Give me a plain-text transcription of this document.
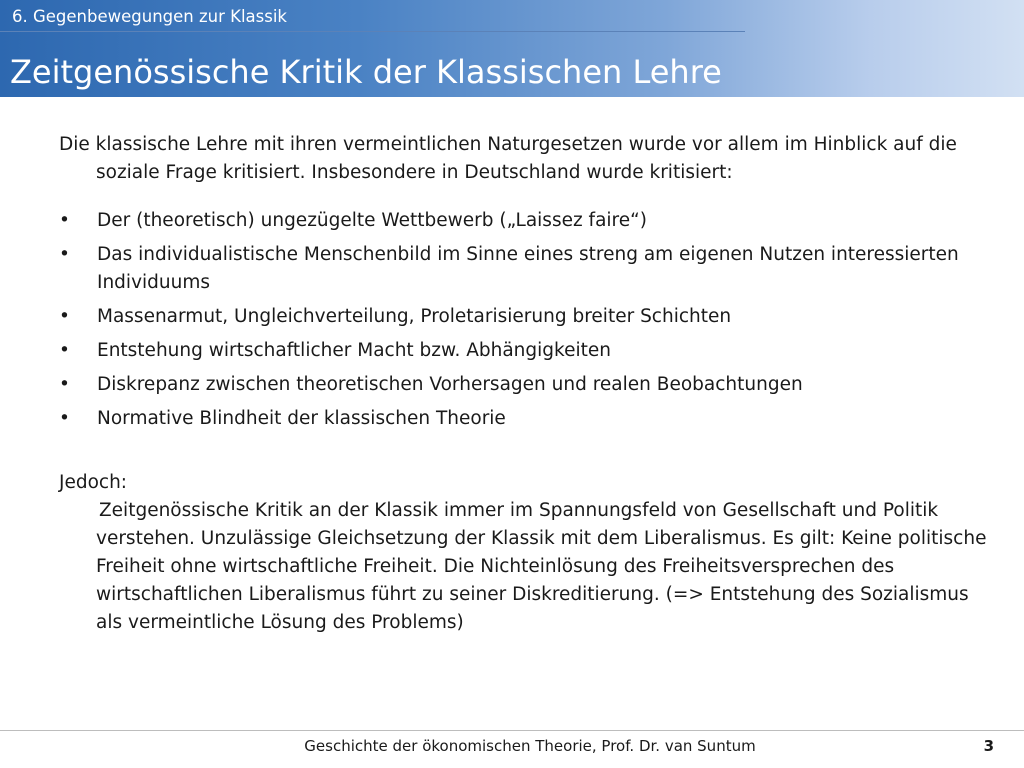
6. Gegenbewegungen zur Klassik
Zeitgenössische Kritik der Klassischen Lehre
Die klassische Lehre mit ihren vermeintlichen Naturgesetzen wurde vor allem im Hinblick auf die soziale Frage kritisiert. Insbesondere in Deutschland wurde kritisiert:
• Der (theoretisch) ungezügelte Wettbewerb („Laissez faire“)
• Das individualistische Menschenbild im Sinne eines streng am eigenen Nutzen interessierten Individuums
• Massenarmut, Ungleichverteilung, Proletarisierung breiter Schichten
• Entstehung wirtschaftlicher Macht bzw. Abhängigkeiten
• Diskrepanz zwischen theoretischen Vorhersagen und realen Beobachtungen
• Normative Blindheit der klassischen Theorie
Jedoch:
Zeitgenössische Kritik an der Klassik immer im Spannungsfeld von Gesellschaft und Politik verstehen. Unzulässige Gleichsetzung der Klassik mit dem Liberalismus. Es gilt: Keine politische Freiheit ohne wirtschaftliche Freiheit. Die Nichteinlösung des Freiheitsversprechen des wirtschaftlichen Liberalismus führt zu seiner Diskreditierung. (=> Entstehung des Sozialismus als vermeintliche Lösung des Problems)
Geschichte der ökonomischen Theorie, Prof. Dr. van Suntum	3
